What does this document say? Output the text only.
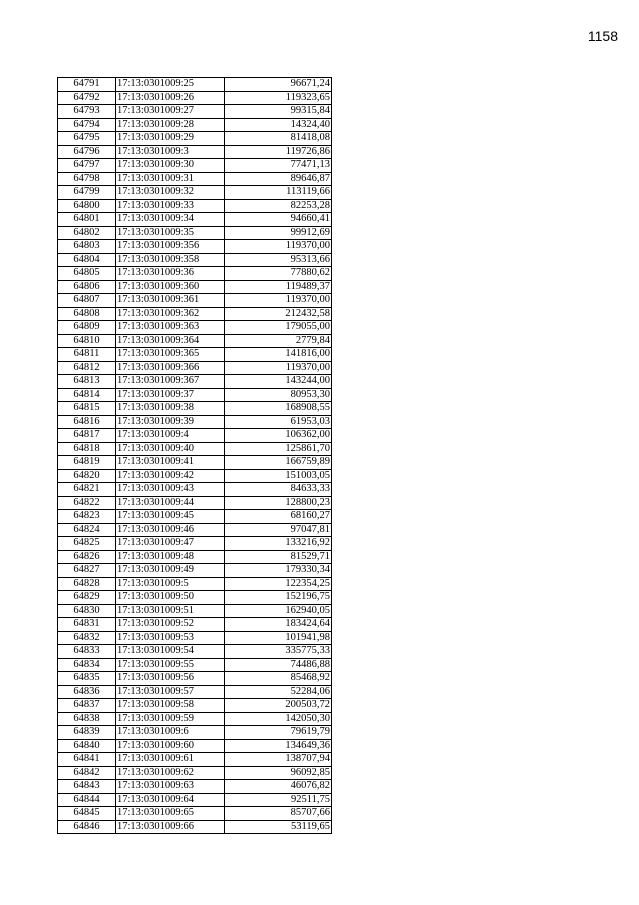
1158
64791	17:13:0301009:25	96671,24
64792	17:13:0301009:26	119323,65
64793	17:13:0301009:27	99315,84
64794	17:13:0301009:28	14324,40
64795	17:13:0301009:29	81418,08
64796	17:13:0301009:3	119726,86
64797	17:13:0301009:30	77471,13
64798	17:13:0301009:31	89646,87
64799	17:13:0301009:32	113119,66
64800	17:13:0301009:33	82253,28
64801	17:13:0301009:34	94660,41
64802	17:13:0301009:35	99912,69
64803	17:13:0301009:356	119370,00
64804	17:13:0301009:358	95313,66
64805	17:13:0301009:36	77880,62
64806	17:13:0301009:360	119489,37
64807	17:13:0301009:361	119370,00
64808	17:13:0301009:362	212432,58
64809	17:13:0301009:363	179055,00
64810	17:13:0301009:364	2779,84
64811	17:13:0301009:365	141816,00
64812	17:13:0301009:366	119370,00
64813	17:13:0301009:367	143244,00
64814	17:13:0301009:37	80953,30
64815	17:13:0301009:38	168908,55
64816	17:13:0301009:39	61953,03
64817	17:13:0301009:4	106362,00
64818	17:13:0301009:40	125861,70
64819	17:13:0301009:41	166759,89
64820	17:13:0301009:42	151003,05
64821	17:13:0301009:43	84633,33
64822	17:13:0301009:44	128800,23
64823	17:13:0301009:45	68160,27
64824	17:13:0301009:46	97047,81
64825	17:13:0301009:47	133216,92
64826	17:13:0301009:48	81529,71
64827	17:13:0301009:49	179330,34
64828	17:13:0301009:5	122354,25
64829	17:13:0301009:50	152196,75
64830	17:13:0301009:51	162940,05
64831	17:13:0301009:52	183424,64
64832	17:13:0301009:53	101941,98
64833	17:13:0301009:54	335775,33
64834	17:13:0301009:55	74486,88
64835	17:13:0301009:56	85468,92
64836	17:13:0301009:57	52284,06
64837	17:13:0301009:58	200503,72
64838	17:13:0301009:59	142050,30
64839	17:13:0301009:6	79619,79
64840	17:13:0301009:60	134649,36
64841	17:13:0301009:61	138707,94
64842	17:13:0301009:62	96092,85
64843	17:13:0301009:63	46076,82
64844	17:13:0301009:64	92511,75
64845	17:13:0301009:65	85707,66
64846	17:13:0301009:66	53119,65
